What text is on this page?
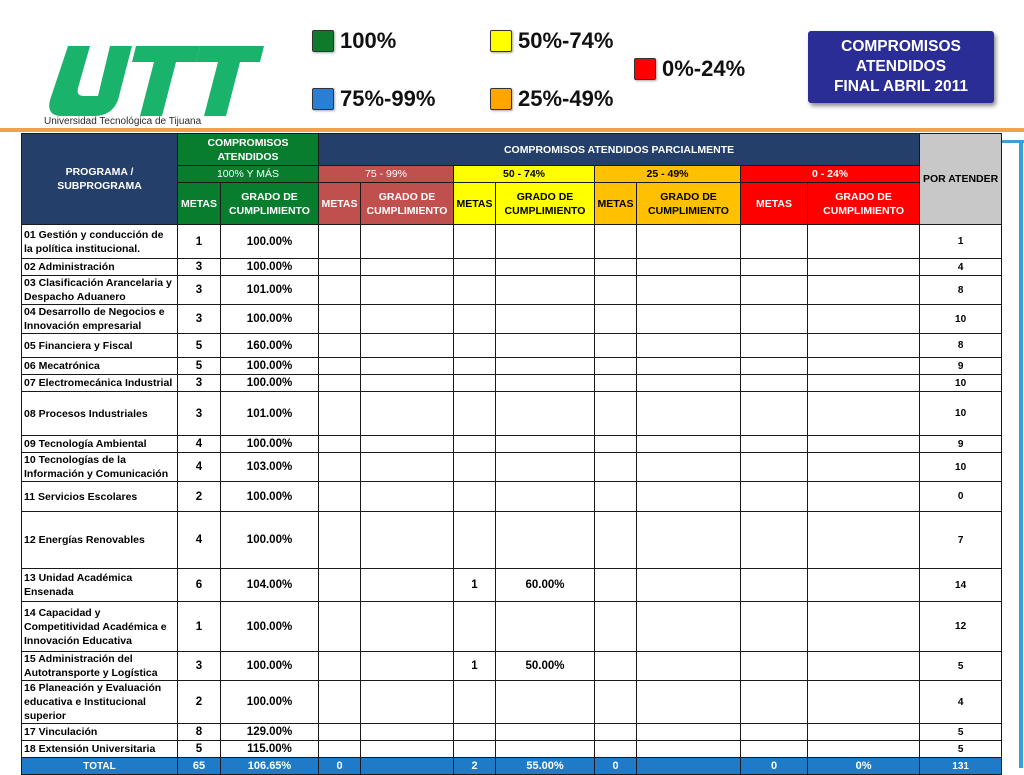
Universidad Tecnológica de Tijuana
100%	50%-74%
0%-24%
75%-99%	25%-49%
COMPROMISOS
ATENDIDOS
FINAL ABRIL 2011
PROGRAMA / SUBPROGRAMA	COMPROMISOS ATENDIDOS		COMPROMISOS ATENDIDOS PARCIALMENTE								POR ATENDER
	100% Y MÁS		75 - 99%		50 - 74%		25 - 49%		0 - 24%		
	METAS	GRADO DE CUMPLIMIENTO	METAS	GRADO DE CUMPLIMIENTO	METAS	GRADO DE CUMPLIMIENTO	METAS	GRADO DE CUMPLIMIENTO	METAS	GRADO DE CUMPLIMIENTO	
01 Gestión y conducción de la política institucional.	1	100.00%									1
02 Administración	3	100.00%									4
03 Clasificación Arancelaria y Despacho Aduanero	3	101.00%									8
04 Desarrollo de Negocios e Innovación empresarial	3	100.00%									10
05 Financiera y Fiscal	5	160.00%									8
06 Mecatrónica	5	100.00%									9
07 Electromecánica Industrial	3	100.00%									10
08 Procesos Industriales	3	101.00%									10
09 Tecnología Ambiental	4	100.00%									9
10 Tecnologías de la Información y Comunicación	4	103.00%									10
11 Servicios Escolares	2	100.00%									0
12 Energías Renovables	4	100.00%									7
13 Unidad Académica Ensenada	6	104.00%			1	60.00%					14
14 Capacidad y Competitividad Académica e Innovación Educativa	1	100.00%									12
15 Administración del Autotransporte y Logística	3	100.00%			1	50.00%					5
16 Planeación y Evaluación educativa e Institucional superior	2	100.00%									4
17 Vinculación	8	129.00%									5
18 Extensión Universitaria	5	115.00%									5
TOTAL	65	106.65%	0		2	55.00%	0		0	0%	131
